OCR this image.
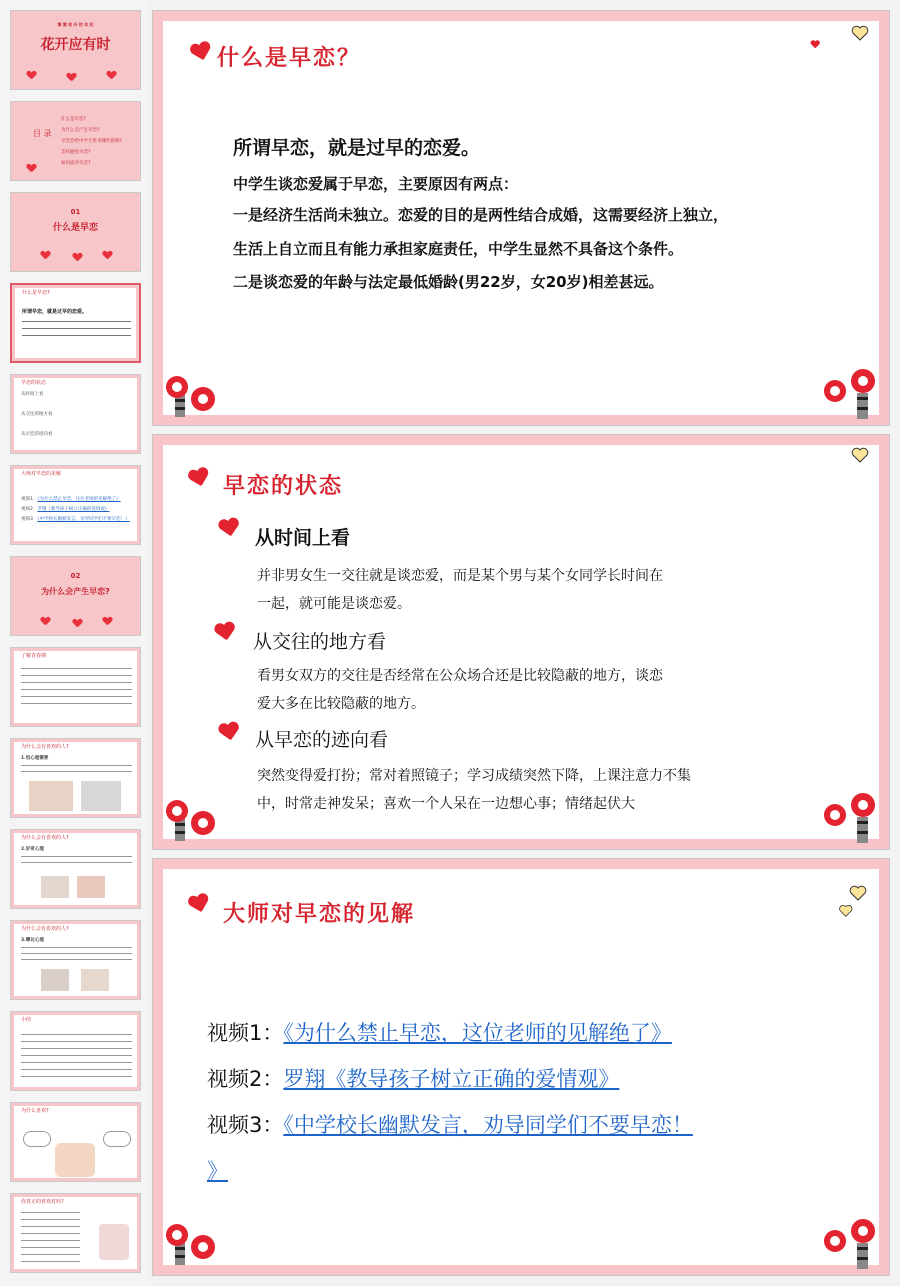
情 窦 初 开 的 年 纪
花开应有时
目 录
什么是早恋?
为什么会产生早恋?
早恋会给中学生带来哪些影响?
怎样避免早恋?
如何面对失恋?
01
什么是早恋
什么是早恋?
所谓早恋，就是过早的恋爱。
早恋的状态
从时间上看
从交往的地方看
从早恋的迹向看
大师对早恋的见解
视频1：《为什么禁止早恋，这位老师的见解绝了》
视频2：罗翔《教导孩子树立正确的爱情观》
视频3：《中学校长幽默发言，劝导同学们不要早恋！》
02
为什么会产生早恋?
了解青春期
为什么会有喜欢的人?
1.怕心理需要
为什么会有喜欢的人?
2.好奇心理
为什么会有喜欢的人?
3.攀比心理
小结
为什么喜欢?
你真正的喜欢对吗?
什么是早恋？
所谓早恋，就是过早的恋爱。
中学生谈恋爱属于早恋，主要原因有两点：
一是经济生活尚未独立。恋爱的目的是两性结合成婚，这需要经济上独立，
生活上自立而且有能力承担家庭责任，中学生显然不具备这个条件。
二是谈恋爱的年龄与法定最低婚龄(男22岁，女20岁)相差甚远。
早恋的状态
从时间上看
并非男女生一交往就是谈恋爱，而是某个男与某个女同学长时间在
一起，就可能是谈恋爱。
从交往的地方看
看男女双方的交往是否经常在公众场合还是比较隐蔽的地方，谈恋
爱大多在比较隐蔽的地方。
从早恋的迹向看
突然变得爱打扮；常对着照镜子；学习成绩突然下降，上课注意力不集
中，时常走神发呆；喜欢一个人呆在一边想心事；情绪起伏大
大师对早恋的见解
视频1：《为什么禁止早恋，这位老师的见解绝了》
视频2：罗翔《教导孩子树立正确的爱情观》
视频3：《中学校长幽默发言，劝导同学们不要早恋！
》
